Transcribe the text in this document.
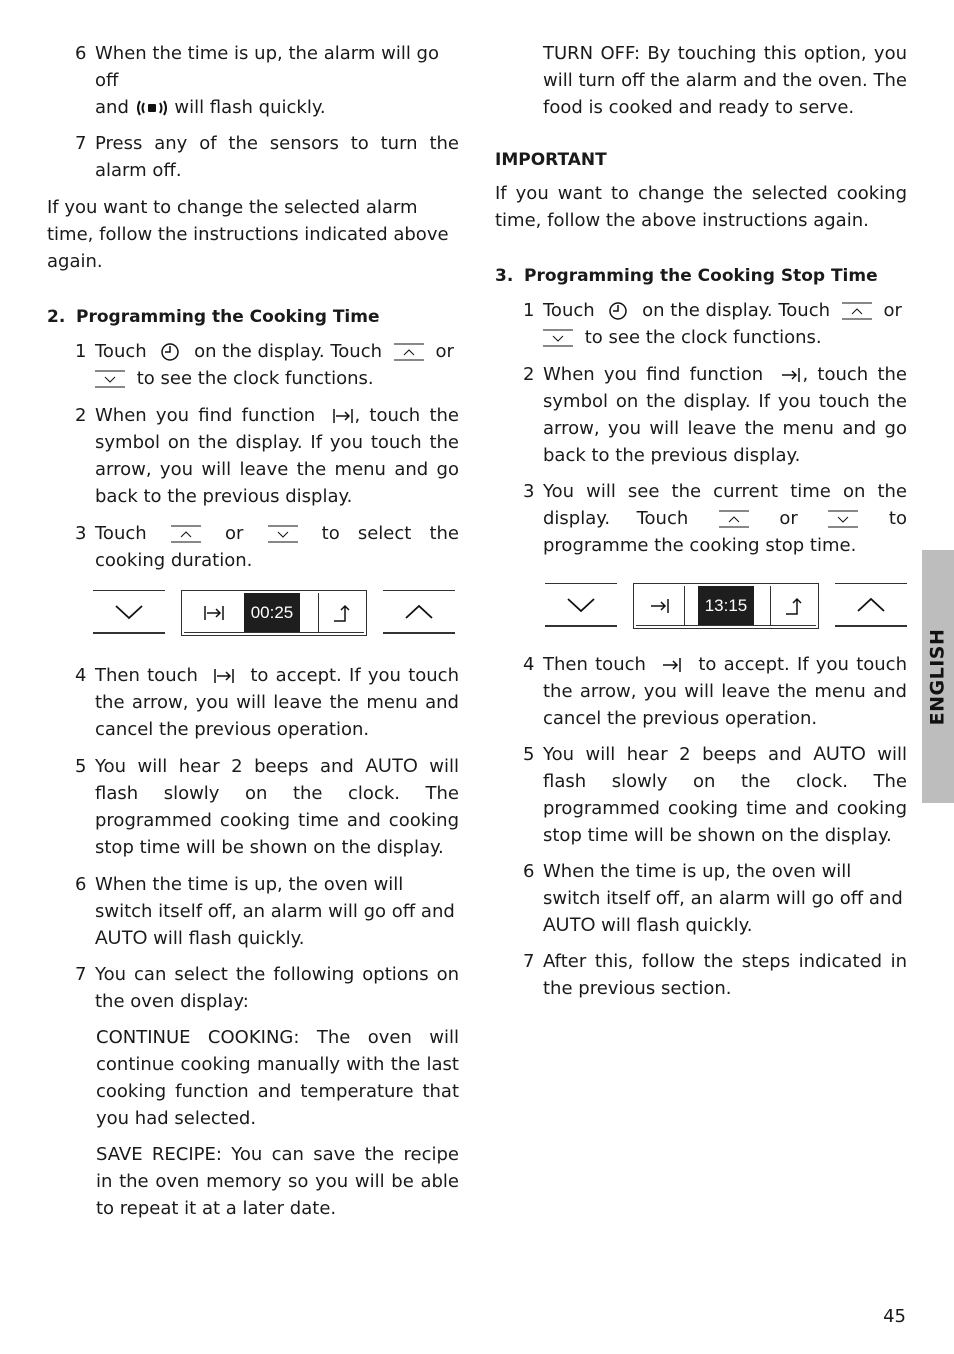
6 When the time is up, the alarm will go off
and	will flash quickly.
7 Press any of the sensors to turn the alarm off.

If you want to change the selected alarm time, follow the instructions indicated above again.

2. Programming the Cooking Time
1 Touch	on the display. Touch	or

to see the clock functions.
2 When you find function , touch the symbol on the display. If you touch the arrow, you will leave the menu and go back to the previous display.
3 Touch	or	to select the cooking duration.
00:25
4 Then touch	to accept. If you touch the arrow, you will leave the menu and cancel the previous operation.
5 You will hear 2 beeps and AUTO will flash slowly on the clock. The programmed cooking time and cooking stop time will be shown on the display.
6 When the time is up, the oven will switch itself off, an alarm will go off and AUTO will flash quickly.
7 You can select the following options on the oven display:

CONTINUE COOKING: The oven will continue cooking manually with the last cooking function and temperature that you had selected.

SAVE RECIPE: You can save the recipe in the oven memory so you will be able to repeat it at a later date.

TURN OFF: By touching this option, you will turn off the alarm and the oven. The food is cooked and ready to serve.

IMPORTANT

If you want to change the selected cooking time, follow the above instructions again.

3. Programming the Cooking Stop Time
1 Touch	on the display. Touch	or

to see the clock functions.
2 When you find function , touch the symbol on the display. If you touch the arrow, you will leave the menu and go back to the previous display.
3 You will see the current time on the display. Touch	or	to programme the cooking stop time.
13:15
4 Then touch	to accept. If you touch the arrow, you will leave the menu and cancel the previous operation.
5 You will hear 2 beeps and AUTO will flash slowly on the clock. The programmed cooking time and cooking stop time will be shown on the display.
6 When the time is up, the oven will switch itself off, an alarm will go off and AUTO will flash quickly.
7 After this, follow the steps indicated in the previous section.
ENGLISH
45
